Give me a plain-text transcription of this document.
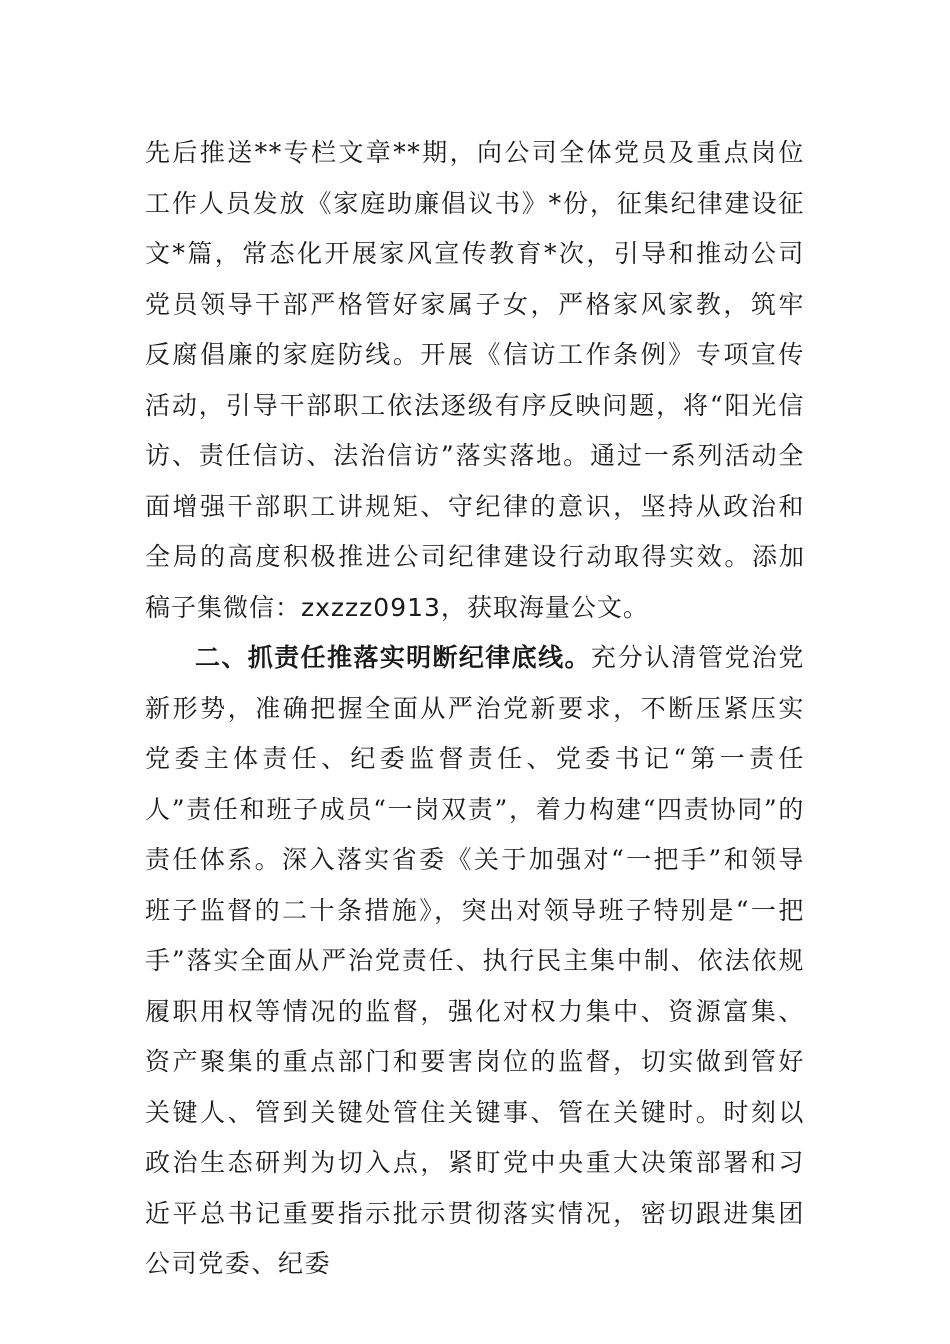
先后推送**专栏文章**期，向公司全体党员及重点岗位工作人员发放《家庭助廉倡议书》*份，征集纪律建设征文*篇，常态化开展家风宣传教育*次，引导和推动公司党员领导干部严格管好家属子女，严格家风家教，筑牢反腐倡廉的家庭防线。开展《信访工作条例》专项宣传活动，引导干部职工依法逐级有序反映问题，将“阳光信访、责任信访、法治信访”落实落地。通过一系列活动全面增强干部职工讲规矩、守纪律的意识，坚持从政治和全局的高度积极推进公司纪律建设行动取得实效。添加稿子集微信：zxzzz0913，获取海量公文。

二、抓责任推落实明断纪律底线。充分认清管党治党新形势，准确把握全面从严治党新要求，不断压紧压实党委主体责任、纪委监督责任、党委书记“第一责任人”责任和班子成员“一岗双责”，着力构建“四责协同”的责任体系。深入落实省委《关于加强对“一把手”和领导班子监督的二十条措施》，突出对领导班子特别是“一把手”落实全面从严治党责任、执行民主集中制、依法依规履职用权等情况的监督，强化对权力集中、资源富集、资产聚集的重点部门和要害岗位的监督，切实做到管好关键人、管到关键处管住关键事、管在关键时。时刻以政治生态研判为切入点，紧盯党中央重大决策部署和习近平总书记重要指示批示贯彻落实情况，密切跟进集团公司党委、纪委
